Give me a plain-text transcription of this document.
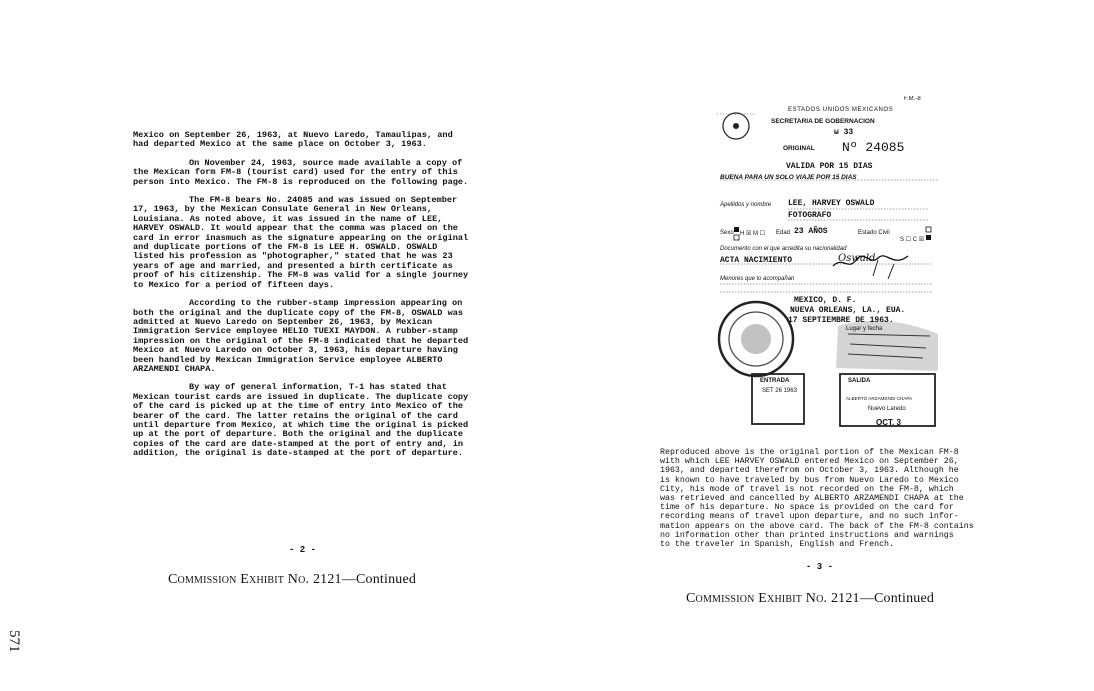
Mexico on September 26, 1963, at Nuevo Laredo, Tamaulipas, and had departed Mexico at the same place on October 3, 1963.

On November 24, 1963, source made available a copy of the Mexican form FM-8 (tourist card) used for the entry of this person into Mexico. The FM-8 is reproduced on the following page.

The FM-8 bears No. 24085 and was issued on September 17, 1963, by the Mexican Consulate General in New Orleans, Louisiana. As noted above, it was issued in the name of LEE, HARVEY OSWALD. It would appear that the comma was placed on the card in error inasmuch as the signature appearing on the original and duplicate portions of the FM-8 is LEE H. OSWALD. OSWALD listed his profession as "photographer," stated that he was 23 years of age and married, and presented a birth certificate as proof of his citizenship. The FM-8 was valid for a single journey to Mexico for a period of fifteen days.

According to the rubber-stamp impression appearing on both the original and the duplicate copy of the FM-8, OSWALD was admitted at Nuevo Laredo on September 26, 1963, by Mexican Immigration Service employee HELIO TUEXI MAYDON. A rubber-stamp impression on the original of the FM-8 indicated that he departed Mexico at Nuevo Laredo on October 3, 1963, his departure having been handled by Mexican Immigration Service employee ALBERTO ARZAMENDI CHAPA.

By way of general information, T-1 has stated that Mexican tourist cards are issued in duplicate. The duplicate copy of the card is picked up at the time of entry into Mexico of the bearer of the card. The latter retains the original of the card until departure from Mexico, at which time the original is picked up at the port of departure. Both the original and the duplicate copies of the card are date-stamped at the port of entry and, in addition, the original is date-stamped at the port of departure.

- 2 -
Commission Exhibit No. 2121—Continued
571
F.M.-8
ESTADOS UNIDOS MEXICANOS
SECRETARIA DE GOBERNACION
ы 33
ORIGINAL Nº 24085
VALIDA POR 15 DIAS
BUENA PARA UN SOLO VIAJE POR 15 DIAS
Apellidos y nombre LEE, HARVEY OSWALD
FOTOGRAFO
Sexo H ☒ M ☐ Edad 23 AÑOS	Estado Civil
S ☐ C ☒
Documento con el que acredita su nacionalidad
ACTA NACIMIENTO	Oswald
Menores que lo acompañan
MEXICO, D. F.
NUEVA ORLEANS, LA., EUA.
17 SEPTIEMBRE DE 1963.
Lugar y fecha
ENTRADA
SET 26 1963
SALIDA
ALBERTO ARZAMENDI CHAPA
Nuevo Laredo
OCT. 3

Reproduced above is the original portion of the Mexican FM-8

with which LEE HARVEY OSWALD entered Mexico on September 26,

1963, and departed therefrom on October 3, 1963. Although he

is known to have traveled by bus from Nuevo Laredo to Mexico

City, his mode of travel is not recorded on the FM-8, which

was retrieved and cancelled by ALBERTO ARZAMENDI CHAPA at the

time of his departure. No space is provided on the card for

recording means of travel upon departure, and no such infor-

mation appears on the above card. The back of the FM-8 contains

no information other than printed instructions and warnings

to the traveler in Spanish, English and French.

- 3 -
Commission Exhibit No. 2121—Continued
